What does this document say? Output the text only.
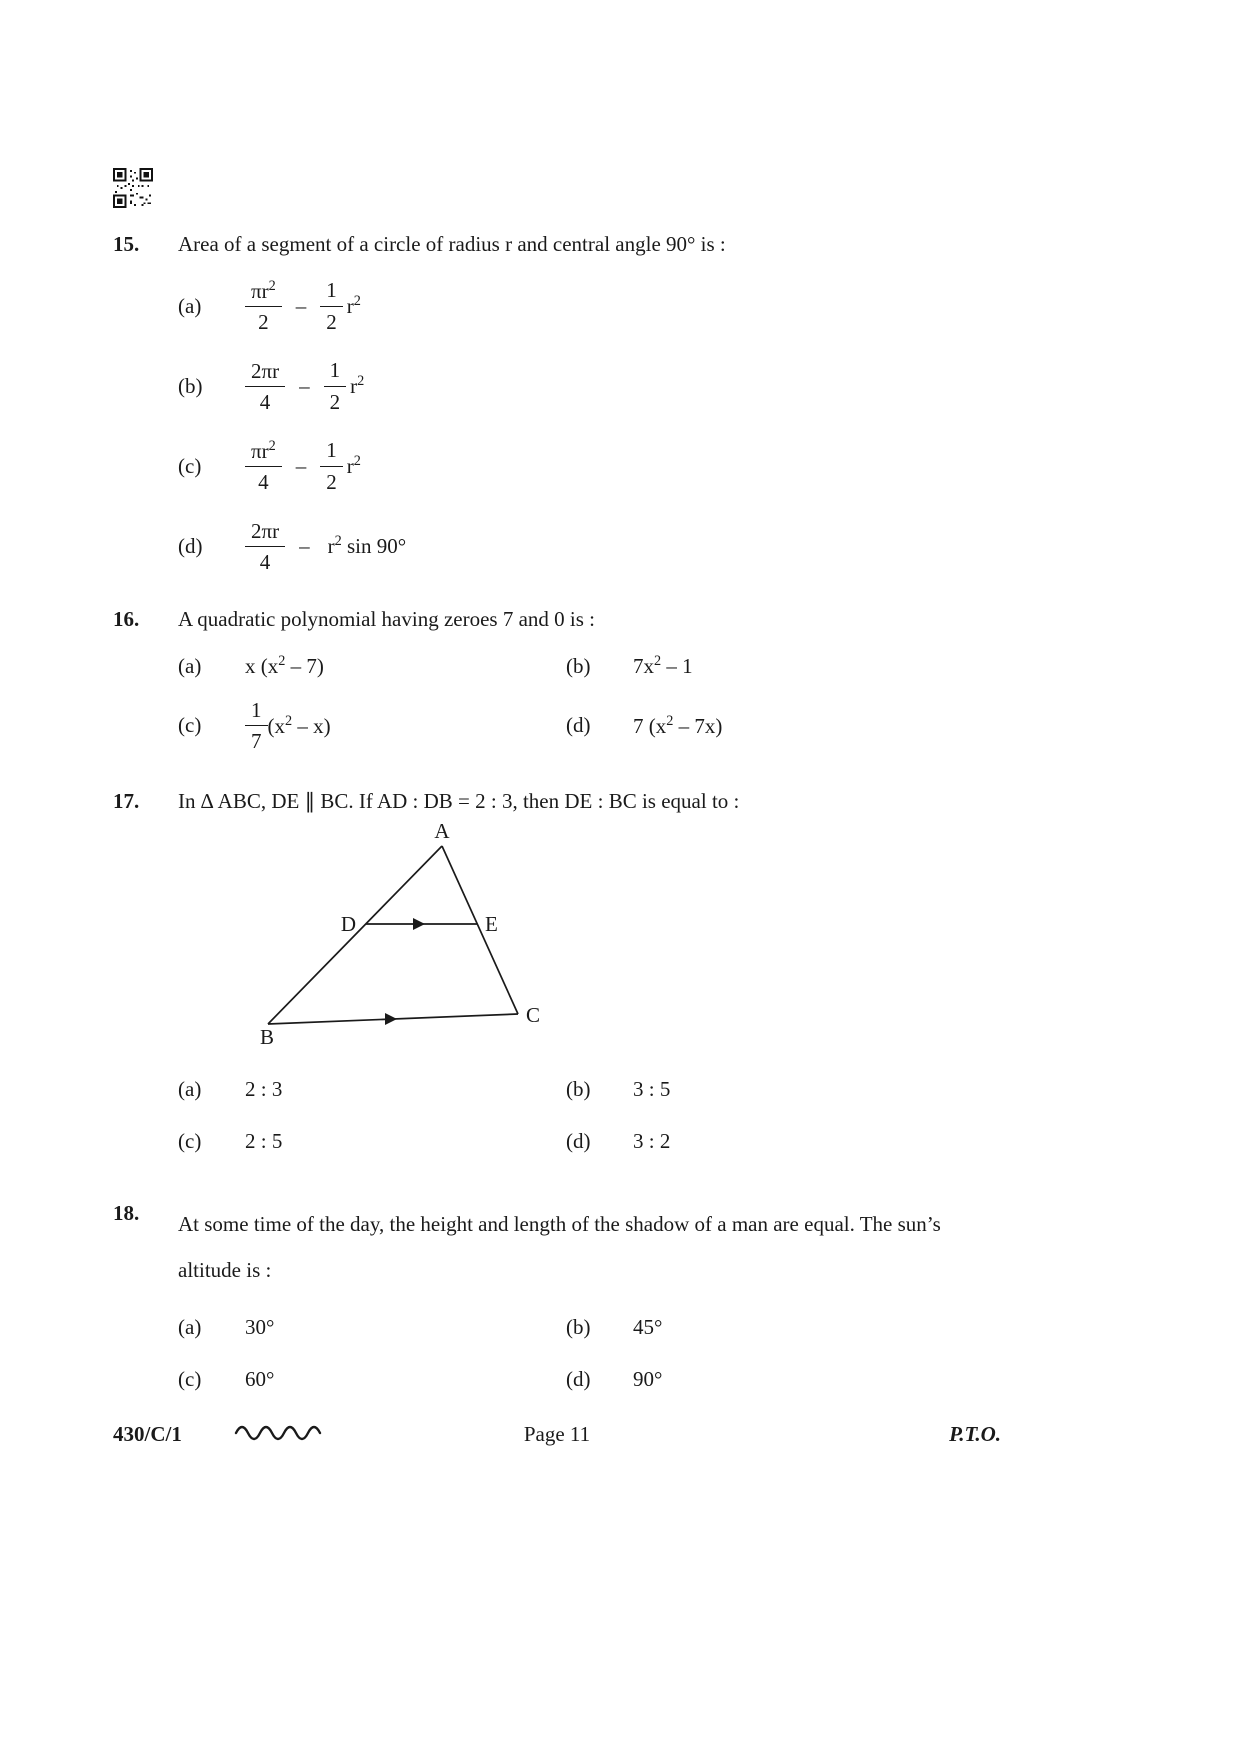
15.	Area of a segment of a circle of radius r and central angle 90° is :
(a)	$\frac{\pi r^2}{2} - \frac{1}{2} r^2$
(b)	$\frac{2\pi r}{4} - \frac{1}{2} r^2$
(c)	$\frac{\pi r^2}{4} - \frac{1}{2} r^2$
(d)	$\frac{2\pi r}{4} - r^2$ sin 90°
16.	A quadratic polynomial having zeroes 7 and 0 is :
(a)	x $(x^2 - 7)$	(b)	$7x^2 - 1$
(c)	$\frac{1}{7} (x^2 - x)$	(d)	7 $(x^2 - 7x)$
17.	In ∆ ABC, DE ∥ BC. If AD : DB = 2 : 3, then DE : BC is equal to :
A
D	E
B
C
(a)	2 : 3	(b)	3 : 5
(c)	2 : 5	(d)	3 : 2
18.	At some time of the day, the height and length of the shadow of a man are equal. The sun’s altitude is :
(a)	30°	(b)	45°
(c)	60°	(d)	90°
430/C/1	Page 11	P.T.O.
